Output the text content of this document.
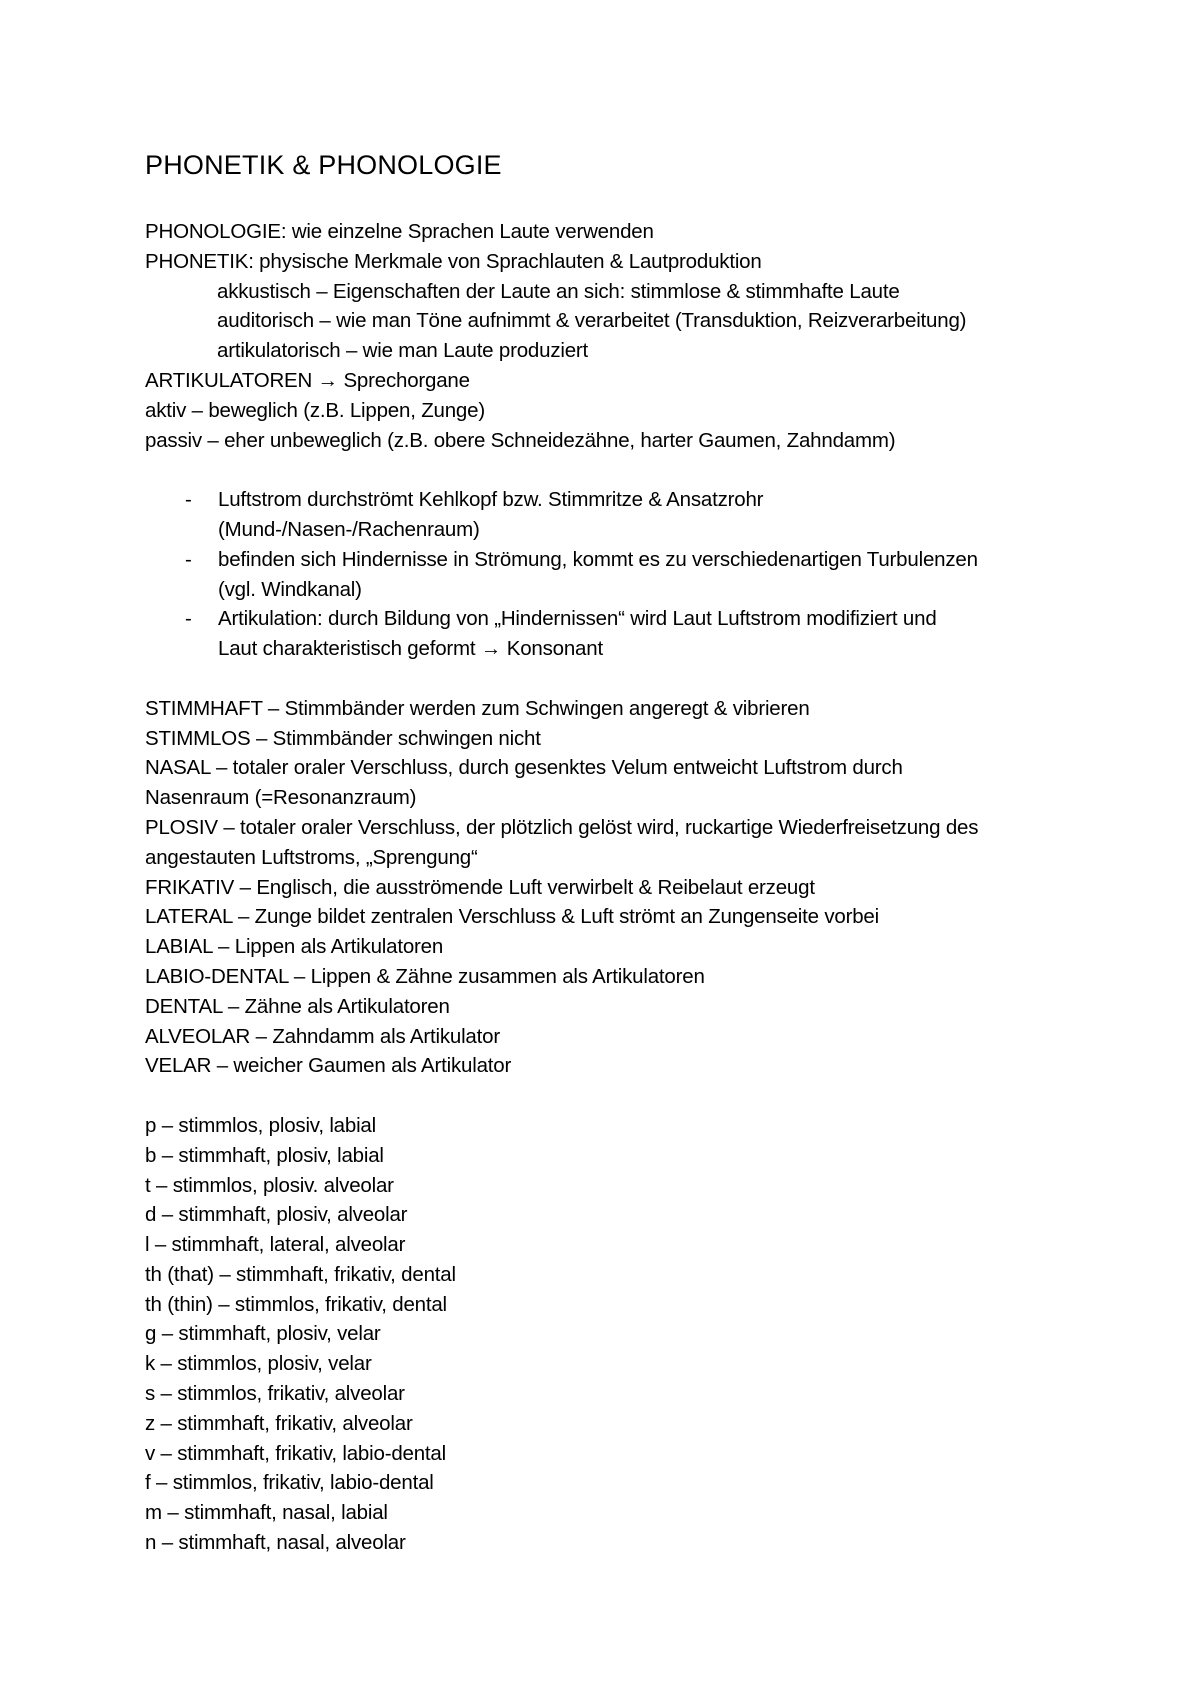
PHONETIK & PHONOLOGIE
PHONOLOGIE: wie einzelne Sprachen Laute verwenden
PHONETIK: physische Merkmale von Sprachlauten & Lautproduktion
akkustisch – Eigenschaften der Laute an sich: stimmlose & stimmhafte Laute
auditorisch – wie man Töne aufnimmt & verarbeitet (Transduktion, Reizverarbeitung)
artikulatorisch – wie man Laute produziert
ARTIKULATOREN → Sprechorgane
aktiv – beweglich (z.B. Lippen, Zunge)
passiv – eher unbeweglich (z.B. obere Schneidezähne, harter Gaumen, Zahndamm)
- Luftstrom durchströmt Kehlkopf bzw. Stimmritze & Ansatzrohr
(Mund-/Nasen-/Rachenraum)
- befinden sich Hindernisse in Strömung, kommt es zu verschiedenartigen Turbulenzen
(vgl. Windkanal)
- Artikulation: durch Bildung von „Hindernissen“ wird Laut Luftstrom modifiziert und
Laut charakteristisch geformt → Konsonant
STIMMHAFT – Stimmbänder werden zum Schwingen angeregt & vibrieren
STIMMLOS – Stimmbänder schwingen nicht
NASAL – totaler oraler Verschluss, durch gesenktes Velum entweicht Luftstrom durch
Nasenraum (=Resonanzraum)
PLOSIV – totaler oraler Verschluss, der plötzlich gelöst wird, ruckartige Wiederfreisetzung des
angestauten Luftstroms, „Sprengung“
FRIKATIV – Englisch, die ausströmende Luft verwirbelt & Reibelaut erzeugt
LATERAL – Zunge bildet zentralen Verschluss & Luft strömt an Zungenseite vorbei
LABIAL – Lippen als Artikulatoren
LABIO-DENTAL – Lippen & Zähne zusammen als Artikulatoren
DENTAL – Zähne als Artikulatoren
ALVEOLAR – Zahndamm als Artikulator
VELAR – weicher Gaumen als Artikulator
p – stimmlos, plosiv, labial
b – stimmhaft, plosiv, labial
t – stimmlos, plosiv. alveolar
d – stimmhaft, plosiv, alveolar
l – stimmhaft, lateral, alveolar
th (that) – stimmhaft, frikativ, dental
th (thin) – stimmlos, frikativ, dental
g – stimmhaft, plosiv, velar
k – stimmlos, plosiv, velar
s – stimmlos, frikativ, alveolar
z – stimmhaft, frikativ, alveolar
v – stimmhaft, frikativ, labio-dental
f – stimmlos, frikativ, labio-dental
m – stimmhaft, nasal, labial
n – stimmhaft, nasal, alveolar
